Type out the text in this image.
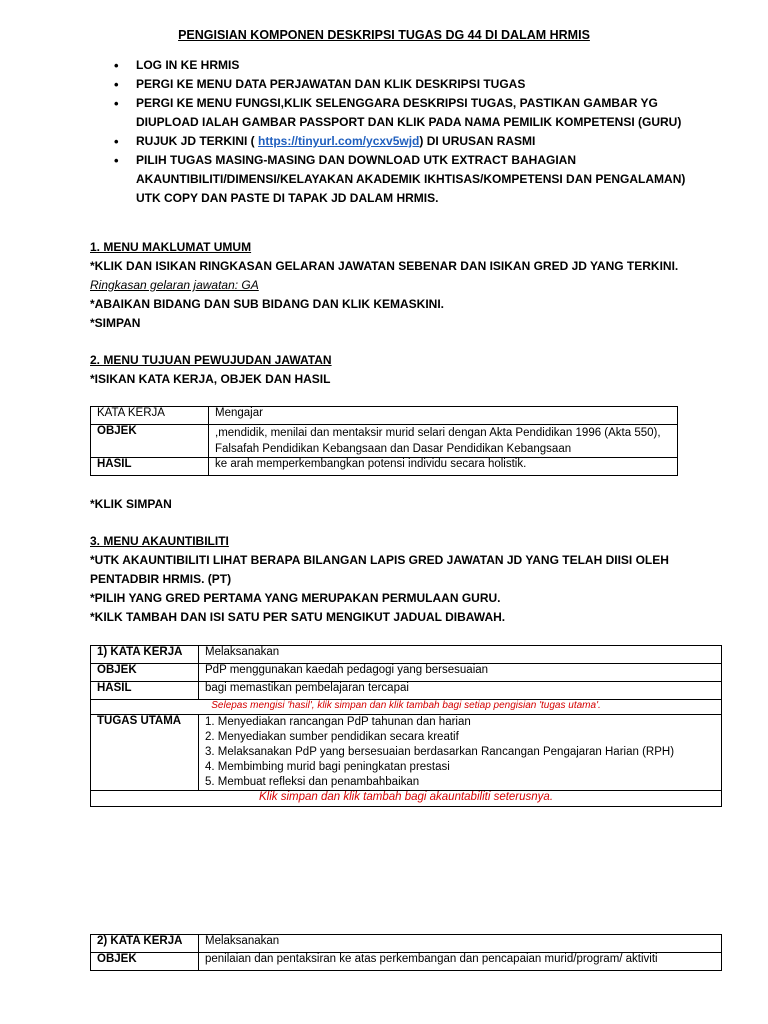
PENGISIAN KOMPONEN DESKRIPSI TUGAS DG 44 DI DALAM HRMIS
• LOG IN KE HRMIS
• PERGI KE MENU DATA PERJAWATAN DAN KLIK DESKRIPSI TUGAS
• PERGI KE MENU FUNGSI,KLIK SELENGGARA DESKRIPSI TUGAS, PASTIKAN GAMBAR YG DIUPLOAD IALAH GAMBAR PASSPORT DAN KLIK PADA NAMA PEMILIK KOMPETENSI (GURU)
• RUJUK JD TERKINI ( https://tinyurl.com/ycxv5wjd) DI URUSAN RASMI
• PILIH TUGAS MASING-MASING DAN DOWNLOAD UTK EXTRACT BAHAGIAN AKAUNTIBILITI/DIMENSI/KELAYAKAN AKADEMIK IKHTISAS/KOMPETENSI DAN PENGALAMAN) UTK COPY DAN PASTE DI TAPAK JD DALAM HRMIS.
1. MENU MAKLUMAT UMUM
*KLIK DAN ISIKAN RINGKASAN GELARAN JAWATAN SEBENAR DAN ISIKAN GRED JD YANG TERKINI.
Ringkasan gelaran jawatan: GA
*ABAIKAN BIDANG DAN SUB BIDANG DAN KLIK KEMASKINI.
*SIMPAN
2. MENU TUJUAN PEWUJUDAN JAWATAN
*ISIKAN KATA KERJA, OBJEK DAN HASIL
KATA KERJA	Mengajar
OBJEK	,mendidik, menilai dan mentaksir murid selari dengan Akta Pendidikan 1996 (Akta 550), Falsafah Pendidikan Kebangsaan dan Dasar Pendidikan Kebangsaan
HASIL	ke arah memperkembangkan potensi individu secara holistik.
*KLIK SIMPAN
3. MENU AKAUNTIBILITI
*UTK AKAUNTIBILITI LIHAT BERAPA BILANGAN LAPIS GRED JAWATAN JD YANG TELAH DIISI OLEH PENTADBIR HRMIS. (PT)
*PILIH YANG GRED PERTAMA YANG MERUPAKAN PERMULAAN GURU.
*KILK TAMBAH DAN ISI SATU PER SATU MENGIKUT JADUAL DIBAWAH.
1) KATA KERJA	Melaksanakan
OBJEK	PdP menggunakan kaedah pedagogi yang bersesuaian
HASIL	bagi memastikan pembelajaran tercapai
Selepas mengisi 'hasil', klik simpan dan klik tambah bagi setiap pengisian 'tugas utama'.	
TUGAS UTAMA	1. Menyediakan rancangan PdP tahunan dan harian
2. Menyediakan sumber pendidikan secara kreatif
3. Melaksanakan PdP yang bersesuaian berdasarkan Rancangan Pengajaran Harian (RPH)
4. Membimbing murid bagi peningkatan prestasi
5. Membuat refleksi dan penambahbaikan

Klik simpan dan klik tambah bagi akauntabiliti seterusnya.	
2) KATA KERJA	Melaksanakan
OBJEK	penilaian dan pentaksiran ke atas perkembangan dan pencapaian murid/program/ aktiviti
